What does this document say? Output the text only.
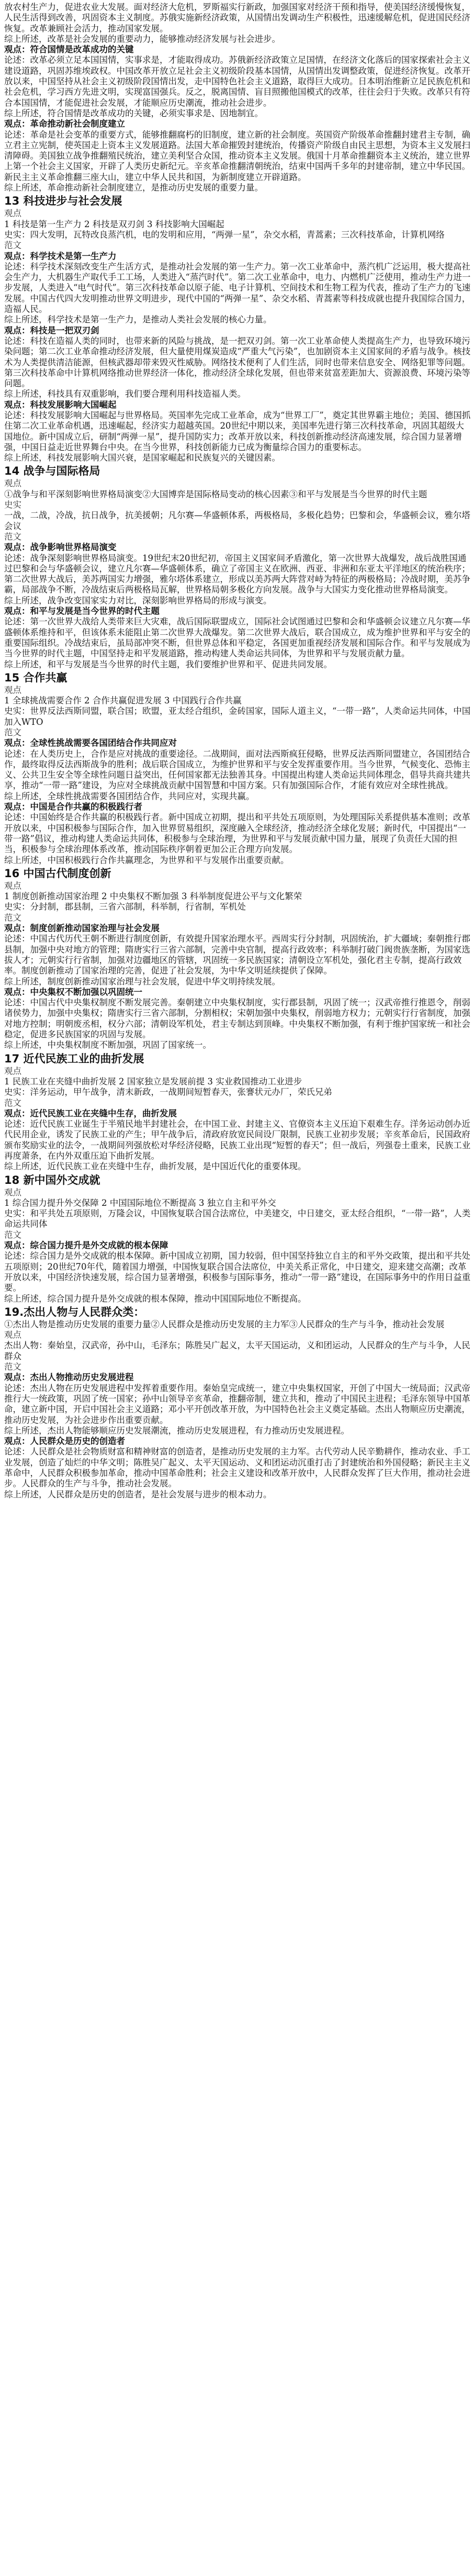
放农村生产力，促进农业大发展。面对经济大危机，罗斯福实行新政，加强国家对经济干预和指导，使美国经济缓慢恢复，人民生活得到改善，巩固资本主义制度。苏俄实施新经济政策，从国情出发调动生产积极性，迅速缓解危机，促进国民经济恢复。改革兼顾社会活力，推动国家发展。

综上所述，改革是社会发展的重要动力，能够推动经济发展与社会进步。

观点：符合国情是改革成功的关键

论述：改革必须立足本国国情，实事求是，才能取得成功。苏俄新经济政策立足国情，在经济文化落后的国家探索社会主义建设道路，巩固苏维埃政权。中国改革开放立足社会主义初级阶段基本国情，从国情出发调整政策，促进经济恢复。改革开放以来，中国坚持从社会主义初级阶段国情出发，走中国特色社会主义道路，取得巨大成功。日本明治维新立足民族危机和社会危机，学习西方先进文明，实现富国强兵。反之，脱离国情、盲目照搬他国模式的改革，往往会归于失败。改革只有符合本国国情，才能促进社会发展，才能顺应历史潮流，推动社会进步。

综上所述，符合国情是改革成功的关键，必须实事求是、因地制宜。

观点：革命推动新社会制度建立

论述：革命是社会变革的重要方式，能够推翻腐朽的旧制度，建立新的社会制度。英国资产阶级革命推翻封建君主专制，确立君主立宪制，使英国走上资本主义发展道路。法国大革命摧毁封建统治，传播资产阶级自由民主思想，为资本主义发展扫清障碍。美国独立战争推翻殖民统治，建立美利坚合众国，推动资本主义发展。俄国十月革命推翻资本主义统治，建立世界上第一个社会主义国家，开辟了人类历史新纪元。辛亥革命推翻清朝统治，结束中国两千多年的封建帝制，建立中华民国。新民主主义革命推翻三座大山，建立中华人民共和国，为新制度建立开辟道路。

综上所述，革命推动新社会制度建立，是推动历史发展的重要力量。

13 科技进步与社会发展

观点

1 科技是第一生产力 2 科技是双刃剑 3 科技影响大国崛起

史实：四大发明，瓦特改良蒸汽机，电的发明和应用，“两弹一星”，杂交水稻，青蒿素；三次科技革命，计算机网络

范文

观点：科学技术是第一生产力

论述：科学技术深刻改变生产生活方式，是推动社会发展的第一生产力。第一次工业革命中，蒸汽机广泛运用，极大提高社会生产力，大机器生产取代手工工场，人类进入“蒸汽时代”。第二次工业革命中，电力、内燃机广泛使用，推动生产力进一步发展，人类进入“电气时代”。第三次科技革命以原子能、电子计算机、空间技术和生物工程为代表，推动了生产力的飞速发展。中国古代四大发明推动世界文明进步，现代中国的“两弹一星”、杂交水稻、青蒿素等科技成就也提升我国综合国力，造福人民。

综上所述，科学技术是第一生产力，是推动人类社会发展的核心力量。

观点：科技是一把双刃剑

论述：科技在造福人类的同时，也带来新的风险与挑战，是一把双刃剑。第一次工业革命使人类提高生产力，也导致环境污染问题；第二次工业革命推动经济发展，但大量使用煤炭造成“严重大气污染”，也加剧资本主义国家间的矛盾与战争。核技术为人类提供清洁能源，但核武器却带来毁灭性威胁。网络技术便利了人们生活，同时也带来信息安全、网络犯罪等问题。第三次科技革命中计算机网络推动世界经济一体化，推动经济全球化发展，但也带来贫富差距加大、资源浪费、环境污染等问题。

综上所述，科技具有双重影响，我们要合理利用科技造福人类。

观点：科技发展影响大国崛起

论述：科技发展影响大国崛起与世界格局。英国率先完成工业革命，成为“世界工厂”，奠定其世界霸主地位；美国、德国抓住第二次工业革命机遇，迅速崛起，经济实力超越英国。20世纪中期以来，美国率先进行第三次科技革命，巩固其超级大国地位。新中国成立后，研制“两弹一星”，提升国防实力；改革开放以来，科技创新推动经济高速发展，综合国力显著增强，中国日益走近世界舞台中央。在当今世界，科技创新能力已成为衡量综合国力的重要标志。

综上所述，科技发展影响大国兴衰，是国家崛起和民族复兴的关键因素。

14 战争与国际格局

观点

①战争与和平深刻影响世界格局演变②大国博弈是国际格局变动的核心因素③和平与发展是当今世界的时代主题

史实

一战，二战，冷战，抗日战争，抗美援朝；凡尔赛—华盛顿体系，两极格局，多极化趋势；巴黎和会，华盛顿会议，雅尔塔会议

范文

观点：战争影响世界格局演变

论述：战争深刻影响世界格局演变。19世纪末20世纪初，帝国主义国家间矛盾激化，第一次世界大战爆发，战后战胜国通过巴黎和会与华盛顿会议，建立凡尔赛—华盛顿体系，确立了帝国主义在欧洲、西亚、非洲和东亚太平洋地区的统治秩序；第二次世界大战后，美苏两国实力增强，雅尔塔体系建立，形成以美苏两大阵营对峙为特征的两极格局；冷战时期，美苏争霸，局部战争不断，冷战结束后两极格局瓦解，世界格局朝多极化方向发展。战争与大国实力变化推动世界格局演变。

综上所述，战争改变国家实力对比，深刻影响世界格局的形成与演变。

观点：和平与发展是当今世界的时代主题

论述：第一次世界大战给人类带来巨大灾难，战后国际联盟成立，国际社会试图通过巴黎和会和华盛顿会议建立凡尔赛—华盛顿体系维持和平，但该体系未能阻止第二次世界大战爆发。第二次世界大战后，联合国成立，成为维护世界和平与安全的重要国际组织。冷战结束后，虽局部冲突不断，但世界总体和平稳定，各国更加重视经济发展和国际合作。和平与发展成为当今世界的时代主题，中国坚持走和平发展道路，推动构建人类命运共同体，为世界和平与发展贡献力量。

综上所述，和平与发展是当今世界的时代主题，我们要维护世界和平、促进共同发展。

15 合作共赢

观点

1 全球挑战需要合作 2 合作共赢促进发展 3 中国践行合作共赢

史实：世界反法西斯同盟，联合国；欧盟，亚太经合组织，金砖国家，国际人道主义，“一带一路”，人类命运共同体，中国加入WTO

范文

观点：全球性挑战需要各国团结合作共同应对

论述：在人类历史上，合作是应对挑战的重要途径。二战期间，面对法西斯疯狂侵略，世界反法西斯同盟建立，各国团结合作，最终取得反法西斯战争的胜利；战后联合国成立，为维护世界和平与安全发挥重要作用。当今世界，气候变化、恐怖主义、公共卫生安全等全球性问题日益突出，任何国家都无法独善其身。中国提出构建人类命运共同体理念，倡导共商共建共享，推动“一带一路”建设，为应对全球挑战贡献中国智慧和中国方案。只有加强国际合作，才能有效应对全球性挑战。

综上所述，全球性挑战需要各国团结合作，共同应对，实现共赢。

观点：中国是合作共赢的积极践行者

论述：中国始终是合作共赢的积极践行者。新中国成立初期，提出和平共处五项原则，为处理国际关系提供基本准则；改革开放以来，中国积极参与国际合作，加入世界贸易组织，深度融入全球经济，推动经济全球化发展；新时代，中国提出“一带一路”倡议，推动构建人类命运共同体，积极参与全球治理，为世界和平与发展贡献中国力量，展现了负责任大国的担当，积极参与全球治理体系改革，推动国际秩序朝着更加公正合理方向发展。

综上所述，中国积极践行合作共赢理念，为世界和平与发展作出重要贡献。

16 中国古代制度创新

观点

1 制度创新推动国家治理 2 中央集权不断加强 3 科举制度促进公平与文化繁荣

史实：分封制，郡县制，三省六部制，科举制，行省制，军机处

范文

观点：制度创新推动国家治理与社会发展

论述：中国古代历代王朝不断进行制度创新，有效提升国家治理水平。西周实行分封制，巩固统治，扩大疆域；秦朝推行郡县制，加强中央对地方的管理；隋唐实行三省六部制，完善中央官制，提高行政效率；科举制打破门阀贵族垄断，为国家选拔人才；元朝实行行省制，加强对边疆地区的管辖，巩固统一多民族国家；清朝设立军机处，强化君主专制，提高行政效率。制度创新推动了国家治理的完善，促进了社会发展，为中华文明延续提供了保障。

综上所述，制度创新推动国家治理与社会发展，促进中华文明持续发展。

观点：中央集权不断加强以巩固统一

论述：中国古代中央集权制度不断发展完善。秦朝建立中央集权制度，实行郡县制，巩固了统一；汉武帝推行推恩令，削弱诸侯势力，加强中央集权；隋唐实行三省六部制，分割相权；宋朝加强中央集权，削弱地方权力；元朝实行行省制度，加强对地方控制；明朝废丞相，权分六部；清朝设军机处，君主专制达到顶峰。中央集权不断加强，有利于维护国家统一和社会稳定，促进多民族国家的巩固与发展。

综上所述，中央集权制度不断加强，巩固了国家统一。

17 近代民族工业的曲折发展

观点

1 民族工业在夹缝中曲折发展 2 国家独立是发展前提 3 实业救国推动工业进步

史实：洋务运动，甲午战争，清末新政，一战期间短暂春天，张謇状元办厂，荣氏兄弟

范文

观点：近代民族工业在夹缝中生存，曲折发展

论述：近代民族工业诞生于半殖民地半封建社会，在中国工业、封建主义、官僚资本主义压迫下艰难生存。洋务运动创办近代民用企业，诱发了民族工业的产生；甲午战争后，清政府放宽民间设厂限制，民族工业初步发展；辛亥革命后，民国政府颁布奖励实业的法令，一战期间列强放松对华经济侵略，民族工业出现“短暂的春天”；但一战后，列强卷土重来，民族工业再度萧条，在内外双重压迫下曲折发展。

综上所述，近代民族工业在夹缝中生存，曲折发展，是中国近代化的重要体现。

18 新中国外交成就

观点

1 综合国力提升外交保障 2 中国国际地位不断提高 3 独立自主和平外交

史实：和平共处五项原则，万隆会议，中国恢复联合国合法席位，中美建交，中日建交，亚太经合组织，“一带一路”，人类命运共同体

范文

观点：综合国力提升是外交成就的根本保障

论述：综合国力是外交成就的根本保障。新中国成立初期，国力较弱，但中国坚持独立自主的和平外交政策，提出和平共处五项原则；20世纪70年代，随着国力增强，中国恢复联合国合法席位，中美关系正常化，中日建交，迎来建交高潮；改革开放以来，中国经济快速发展，综合国力显著增强，积极参与国际事务，推动“一带一路”建设，在国际事务中的作用日益重要。

综上所述，综合国力提升是外交成就的根本保障，推动中国国际地位不断提高。

19.杰出人物与人民群众类：

①杰出人物是推动历史发展的重要力量②人民群众是推动历史发展的主力军③人民群众的生产与斗争，推动社会发展

观点

杰出人物：秦始皇，汉武帝，孙中山，毛泽东；陈胜吴广起义，太平天国运动，义和团运动，人民群众的生产与斗争，人民群众

范文

观点：杰出人物推动历史发展进程

论述：杰出人物在历史发展进程中发挥着重要作用。秦始皇完成统一，建立中央集权国家，开创了中国大一统局面；汉武帝推行大一统政策，巩固了统一国家；孙中山领导辛亥革命，推翻帝制，建立共和，推动了中国民主进程；毛泽东领导中国革命，建立新中国，开启中国社会主义道路；邓小平开创改革开放，为中国特色社会主义奠定基础。杰出人物顺应历史潮流，推动历史发展，为社会进步作出重要贡献。

综上所述，杰出人物能够顺应历史发展潮流，推动历史发展进程，有力推动历史发展进程。

观点：人民群众是历史的创造者

论述：人民群众是社会物质财富和精神财富的创造者，是推动历史发展的主力军。古代劳动人民辛勤耕作，推动农业、手工业发展，创造了灿烂的中华文明；陈胜吴广起义、太平天国运动、义和团运动沉重打击了封建统治和外国侵略；新民主主义革命中，人民群众积极参加革命，推动中国革命胜利；社会主义建设和改革开放中，人民群众发挥了巨大作用，推动社会进步。人民群众的生产与斗争，推动社会发展。

综上所述，人民群众是历史的创造者，是社会发展与进步的根本动力。
